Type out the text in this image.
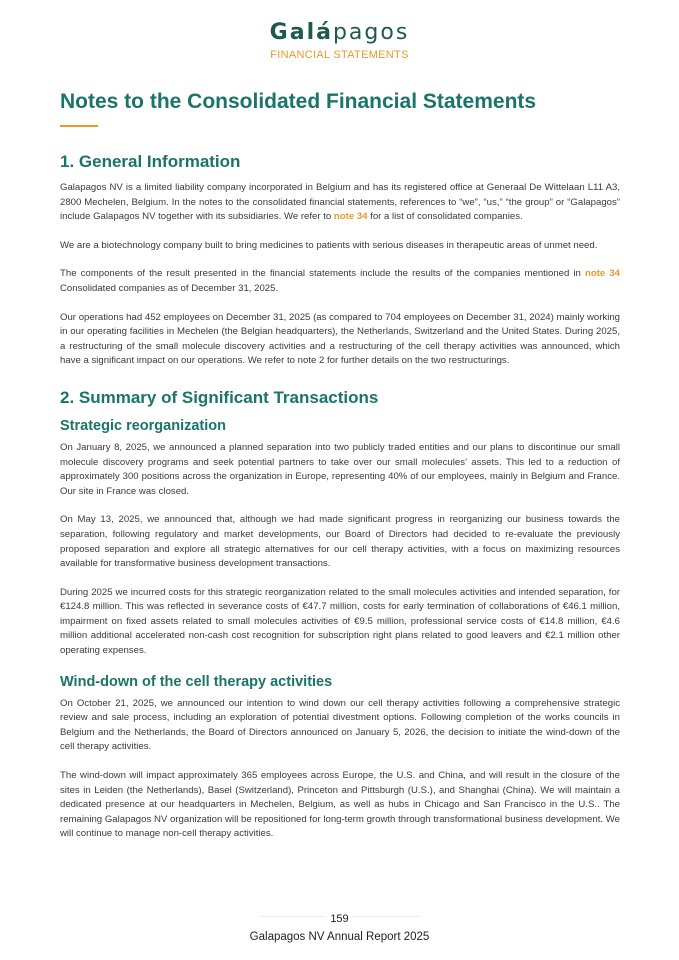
Galápagos
FINANCIAL STATEMENTS
Notes to the Consolidated Financial Statements
1. General Information

Galapagos NV is a limited liability company incorporated in Belgium and has its registered office at Generaal De Wittelaan L11 A3, 2800 Mechelen, Belgium. In the notes to the consolidated financial statements, references to “we”, “us,” “the group” or “Galapagos” include Galapagos NV together with its subsidiaries. We refer to note 34 for a list of consolidated companies.

We are a biotechnology company built to bring medicines to patients with serious diseases in therapeutic areas of unmet need.

The components of the result presented in the financial statements include the results of the companies mentioned in note 34 Consolidated companies as of December 31, 2025.

Our operations had 452 employees on December 31, 2025 (as compared to 704 employees on December 31, 2024) mainly working in our operating facilities in Mechelen (the Belgian headquarters), the Netherlands, Switzerland and the United States. During 2025, a restructuring of the small molecule discovery activities and a restructuring of the cell therapy activities was announced, which have a significant impact on our operations. We refer to note 2 for further details on the two restructurings.

2. Summary of Significant Transactions
Strategic reorganization

On January 8, 2025, we announced a planned separation into two publicly traded entities and our plans to discontinue our small molecule discovery programs and seek potential partners to take over our small molecules’ assets. This led to a reduction of approximately 300 positions across the organization in Europe, representing 40% of our employees, mainly in Belgium and France. Our site in France was closed.

On May 13, 2025, we announced that, although we had made significant progress in reorganizing our business towards the separation, following regulatory and market developments, our Board of Directors had decided to re-evaluate the previously proposed separation and explore all strategic alternatives for our cell therapy activities, with a focus on maximizing resources available for transformative business development transactions.

During 2025 we incurred costs for this strategic reorganization related to the small molecules activities and intended separation, for €124.8 million. This was reflected in severance costs of €47.7 million, costs for early termination of collaborations of €46.1 million, impairment on fixed assets related to small molecules activities of €9.5 million, professional service costs of €14.8 million, €4.6 million additional accelerated non-cash cost recognition for subscription right plans related to good leavers and €2.1 million other operating expenses.

Wind-down of the cell therapy activities

On October 21, 2025, we announced our intention to wind down our cell therapy activities following a comprehensive strategic review and sale process, including an exploration of potential divestment options. Following completion of the works councils in Belgium and the Netherlands, the Board of Directors announced on January 5, 2026, the decision to initiate the wind-down of the cell therapy activities.

The wind-down will impact approximately 365 employees across Europe, the U.S. and China, and will result in the closure of the sites in Leiden (the Netherlands), Basel (Switzerland), Princeton and Pittsburgh (U.S.), and Shanghai (China). We will maintain a dedicated presence at our headquarters in Mechelen, Belgium, as well as hubs in Chicago and San Francisco in the U.S.. The remaining Galapagos NV organization will be repositioned for long-term growth through transformational business development. We will continue to manage non-cell therapy activities.

159
Galapagos NV Annual Report 2025
